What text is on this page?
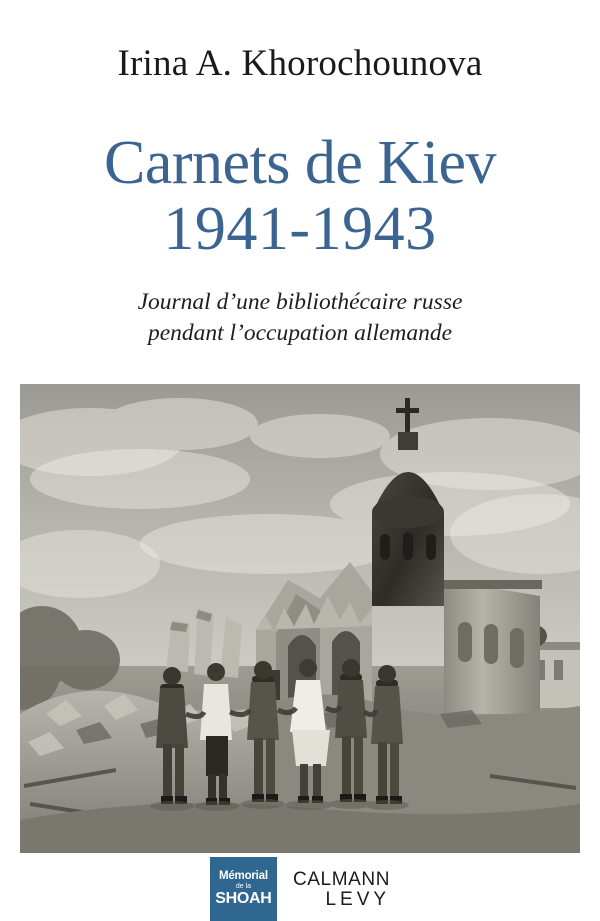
Irina A. Khorochounova
Carnets de Kiev
1941-1943
Journal d’une bibliothécaire russe
pendant l’occupation allemande
Mémorial
de la
SHOAH
CALMANN
LEVY
